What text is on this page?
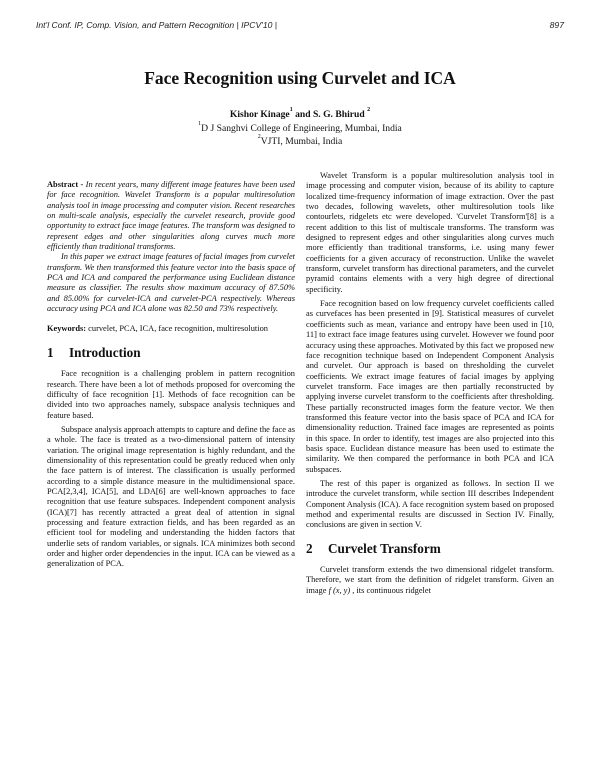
Int'l Conf. IP, Comp. Vision, and Pattern Recognition | IPCV'10 |	897
Face Recognition using Curvelet and ICA
Kishor Kinage$^1$ and S. G. Bhirud $^2$
$^1$D J Sanghvi College of Engineering, Mumbai, India
$^2$VJTI, Mumbai, India

Abstract - In recent years, many different image features have been used for face recognition. Wavelet Transform is a popular multiresolution analysis tool in image processing and computer vision. Recent researches on multi-scale analysis, especially the curvelet research, provide good opportunity to extract face image features. The transform was designed to represent edges and other singularities along curves much more efficiently than traditional transforms.

In this paper we extract image features of facial images from curvelet transform. We then transformed this feature vector into the basis space of PCA and ICA and compared the performance using Euclidean distance measure as classifier. The results show maximum accuracy of 87.50% and 85.00% for curvelet-ICA and curvelet-PCA respectively. Whereas accuracy using PCA and ICA alone was 82.50 and 73% respectively.

Keywords: curvelet, PCA, ICA, face recognition, multiresolution

1 Introduction

Face recognition is a challenging problem in pattern recognition research. There have been a lot of methods proposed for overcoming the difficulty of face recognition [1]. Methods of face recognition can be divided into two approaches namely, subspace analysis techniques and feature based.

Subspace analysis approach attempts to capture and define the face as a whole. The face is treated as a two-dimensional pattern of intensity variation. The original image representation is highly redundant, and the dimensionality of this representation could be greatly reduced when only the face pattern is of interest. The classification is usually performed according to a simple distance measure in the multidimensional space. PCA[2,3,4], ICA[5], and LDA[6] are well-known approaches to face recognition that use feature subspaces. Independent component analysis (ICA)[7] has recently attracted a great deal of attention in signal processing and feature extraction fields, and has been regarded as an efficient tool for modeling and understanding the hidden factors that underlie sets of random variables, or signals. ICA minimizes both second order and higher order dependencies in the input. ICA can be viewed as a generalization of PCA.

Wavelet Transform is a popular multiresolution analysis tool in image processing and computer vision, because of its ability to capture localized time-frequency information of image extraction. Over the past two decades, following wavelets, other multiresolution tools like contourlets, ridgelets etc were developed. 'Curvelet Transform'[8] is a recent addition to this list of multiscale transforms. The transform was designed to represent edges and other singularities along curves much more efficiently than traditional transforms, i.e. using many fewer coefficients for a given accuracy of reconstruction. Unlike the wavelet transform, curvelet transform has directional parameters, and the curvelet pyramid contains elements with a very high degree of directional specificity.

Face recognition based on low frequency curvelet coefficients called as curvefaces has been presented in [9]. Statistical measures of curvelet coefficients such as mean, variance and entropy have been used in [10, 11] to extract face image features using curvelet. However we found poor accuracy using these approaches. Motivated by this fact we proposed new face recognition technique based on Independent Component Analysis and curvelet. Our approach is based on thresholding the curvelet coefficients. We extract image features of facial images by applying curvelet transform. Face images are then partially reconstructed by applying inverse curvelet transform to the coefficients after thresholding. These partially reconstructed images form the feature vector. We then transformed this feature vector into the basis space of PCA and ICA for dimensionality reduction. Trained face images are represented as points in this space. In order to identify, test images are also projected into this basis space. Euclidean distance measure has been used to estimate the similarity. We then compared the performance in both PCA and ICA subspaces.

The rest of this paper is organized as follows. In section II we introduce the curvelet transform, while section III describes Independent Component Analysis (ICA). A face recognition system based on proposed method and experimental results are discussed in Section IV. Finally, conclusions are given in section V.

2 Curvelet Transform

Curvelet transform extends the two dimensional ridgelet transform. Therefore, we start from the definition of ridgelet transform. Given an image f (x, y) , its continuous ridgelet
